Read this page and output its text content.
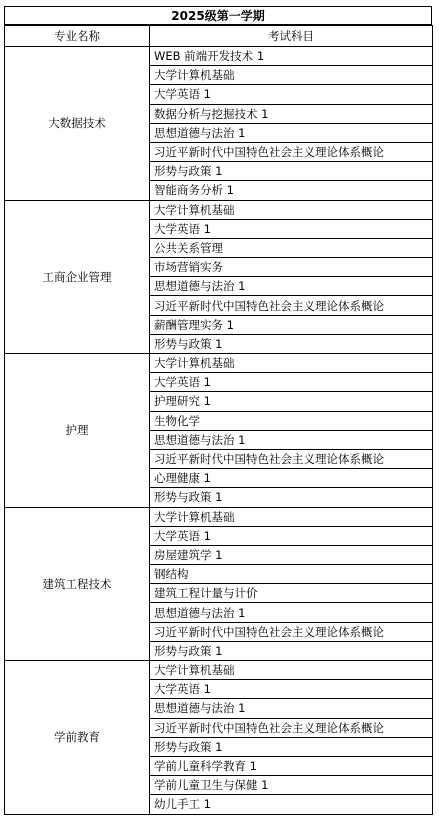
2025级第一学期
专业名称	考试科目
大数据技术	WEB 前端开发技术 1
	大学计算机基础
	大学英语 1
	数据分析与挖掘技术 1
	思想道德与法治 1
	习近平新时代中国特色社会主义理论体系概论
	形势与政策 1
	智能商务分析 1
工商企业管理	大学计算机基础
	大学英语 1
	公共关系管理
	市场营销实务
	思想道德与法治 1
	习近平新时代中国特色社会主义理论体系概论
	薪酬管理实务 1
	形势与政策 1
护理	大学计算机基础
	大学英语 1
	护理研究 1
	生物化学
	思想道德与法治 1
	习近平新时代中国特色社会主义理论体系概论
	心理健康 1
	形势与政策 1
建筑工程技术	大学计算机基础
	大学英语 1
	房屋建筑学 1
	钢结构
	建筑工程计量与计价
	思想道德与法治 1
	习近平新时代中国特色社会主义理论体系概论
	形势与政策 1
学前教育	大学计算机基础
	大学英语 1
	思想道德与法治 1
	习近平新时代中国特色社会主义理论体系概论
	形势与政策 1
	学前儿童科学教育 1
	学前儿童卫生与保健 1
	幼儿手工 1
